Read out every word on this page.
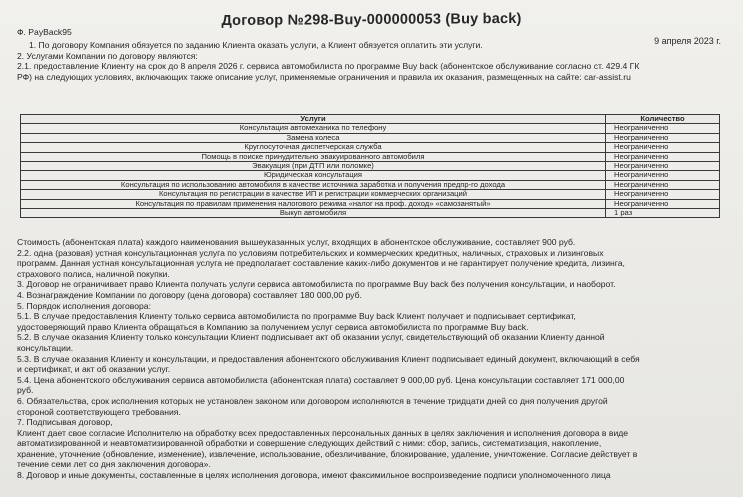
Договор №298-Buy-000000053 (Buy back)
Ф. PayBack95
9 апреля 2023 г.
1. По договору Компания обязуется по заданию Клиента оказать услуги, а Клиент обязуется оплатить эти услуги.
2. Услугами Компании по договору являются:
2.1. предоставление Клиенту на срок до 8 апреля 2026 г. сервиса автомобилиста по программе Buy back (абонентское обслуживание согласно ст. 429.4 ГК
РФ) на следующих условиях, включающих также описание услуг, применяемые ограничения и правила их оказания, размещенных на сайте: car-assist.ru
Услуги	Количество
Консультация автомеханика по телефону	Неограниченно
Замена колеса	Неограниченно
Круглосуточная диспетчерская служба	Неограниченно
Помощь в поиске принудительно эвакуированного автомобиля	Неограниченно
Эвакуация (при ДТП или поломке)	Неограниченно
Юридическая консультация	Неограниченно
Консультация по использованию автомобиля в качестве источника заработка и получения предпр-го дохода	Неограниченно
Консультация по регистрации в качестве ИП и регистрации коммерческих организаций	Неограниченно
Консультация по правилам применения налогового режима «налог на проф. доход» «самозанятый»	Неограниченно
Выкуп автомобиля	1 раз
Стоимость (абонентская плата) каждого наименования вышеуказанных услуг, входящих в абонентское обслуживание, составляет 900 руб.
2.2. одна (разовая) устная консультационная услуга по условиям потребительских и коммерческих кредитных, наличных, страховых и лизинговых
программ. Данная устная консультационная услуга не предполагает составление каких-либо документов и не гарантирует получение кредита, лизинга,
страхового полиса, наличной покупки.
3. Договор не ограничивает право Клиента получать услуги сервиса автомобилиста по программе Buy back без получения консультации, и наоборот.
4. Вознаграждение Компании по договору (цена договора) составляет 180 000,00 руб.
5. Порядок исполнения договора:
5.1. В случае предоставления Клиенту только сервиса автомобилиста по программе Buy back Клиент получает и подписывает сертификат,
удостоверяющий право Клиента обращаться в Компанию за получением услуг сервиса автомобилиста по программе Buy back.
5.2. В случае оказания Клиенту только консультации Клиент подписывает акт об оказании услуг, свидетельствующий об оказании Клиенту данной
консультации.
5.3. В случае оказания Клиенту и консультации, и предоставления абонентского обслуживания Клиент подписывает единый документ, включающий в себя
и сертификат, и акт об оказании услуг.
5.4. Цена абонентского обслуживания сервиса автомобилиста (абонентская плата) составляет 9 000,00 руб. Цена консультации составляет 171 000,00
руб.
6. Обязательства, срок исполнения которых не установлен законом или договором исполняются в течение тридцати дней со дня получения другой
стороной соответствующего требования.
7. Подписывая договор,
Клиент дает свое согласие Исполнителю на обработку всех предоставленных персональных данных в целях заключения и исполнения договора в виде
автоматизированной и неавтоматизированной обработки и совершение следующих действий с ними: сбор, запись, систематизация, накопление,
хранение, уточнение (обновление, изменение), извлечение, использование, обезличивание, блокирование, удаление, уничтожение. Согласие действует в
течение семи лет со дня заключения договора».
8. Договор и иные документы, составленные в целях исполнения договора, имеют факсимильное воспроизведение подписи уполномоченного лица
